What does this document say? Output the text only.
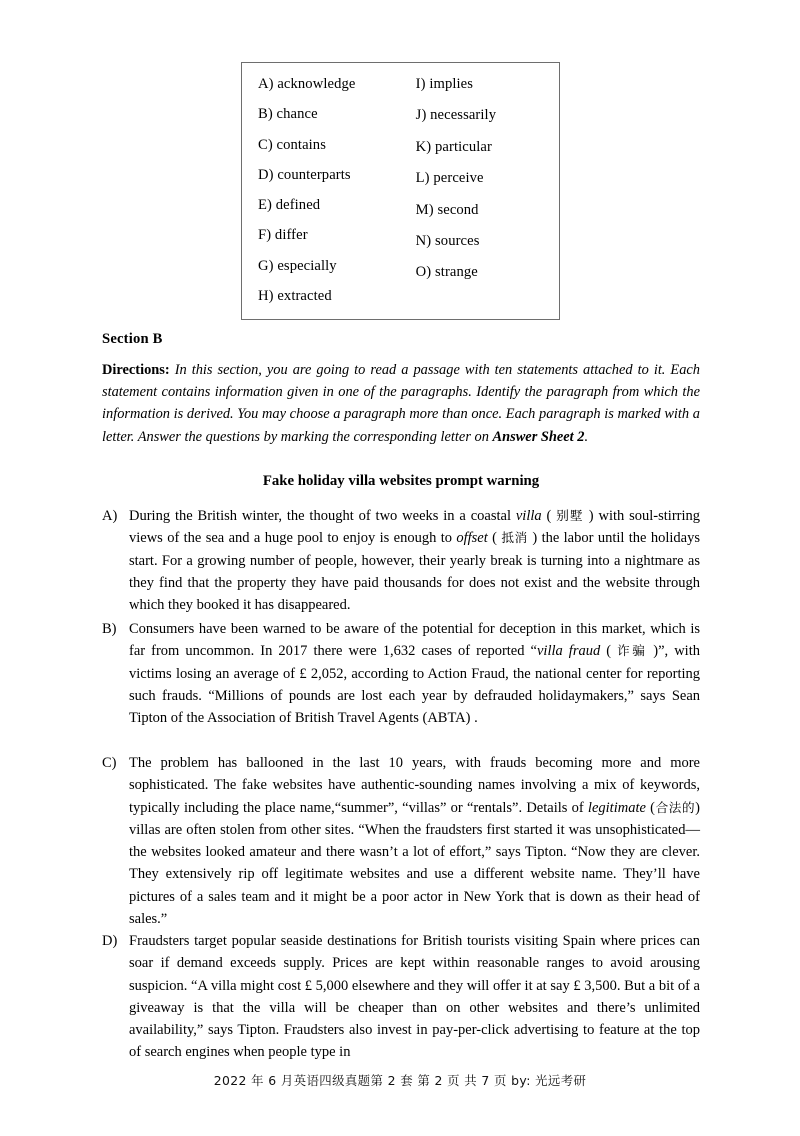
A) acknowledge
B) chance
C) contains
D) counterparts
E) defined
F) differ
G) especially
H) extracted
I) implies
J) necessarily
K) particular
L) perceive
M) second
N) sources
O) strange
Section B
Directions: In this section, you are going to read a passage with ten statements attached to it. Each statement contains information given in one of the paragraphs. Identify the paragraph from which the information is derived. You may choose a paragraph more than once. Each paragraph is marked with a letter. Answer the questions by marking the corresponding letter on Answer Sheet 2.
Fake holiday villa websites prompt warning
A) During the British winter, the thought of two weeks in a coastal villa ( 别墅 ) with soul-stirring views of the sea and a huge pool to enjoy is enough to offset ( 抵消 ) the labor until the holidays start. For a growing number of people, however, their yearly break is turning into a nightmare as they find that the property they have paid thousands for does not exist and the website through which they booked it has disappeared.
B) Consumers have been warned to be aware of the potential for deception in this market, which is far from uncommon. In 2017 there were 1,632 cases of reported “villa fraud ( 诈骗 )”, with victims losing an average of £ 2,052, according to Action Fraud, the national center for reporting such frauds. “Millions of pounds are lost each year by defrauded holidaymakers,” says Sean Tipton of the Association of British Travel Agents (ABTA) .
C) The problem has ballooned in the last 10 years, with frauds becoming more and more sophisticated. The fake websites have authentic-sounding names involving a mix of keywords, typically including the place name,“summer”, “villas” or “rentals”. Details of legitimate (合法的) villas are often stolen from other sites. “When the fraudsters first started it was unsophisticated—the websites looked amateur and there wasn’t a lot of effort,” says Tipton. “Now they are clever. They extensively rip off legitimate websites and use a different website name. They’ll have pictures of a sales team and it might be a poor actor in New York that is down as their head of sales.”
D) Fraudsters target popular seaside destinations for British tourists visiting Spain where prices can soar if demand exceeds supply. Prices are kept within reasonable ranges to avoid arousing suspicion. “A villa might cost £ 5,000 elsewhere and they will offer it at say £ 3,500. But a bit of a giveaway is that the villa will be cheaper than on other websites and there’s unlimited availability,” says Tipton. Fraudsters also invest in pay-per-click advertising to feature at the top of search engines when people type in
2022 年 6 月英语四级真题第 2 套 第 2 页 共 7 页 by: 光远考研
